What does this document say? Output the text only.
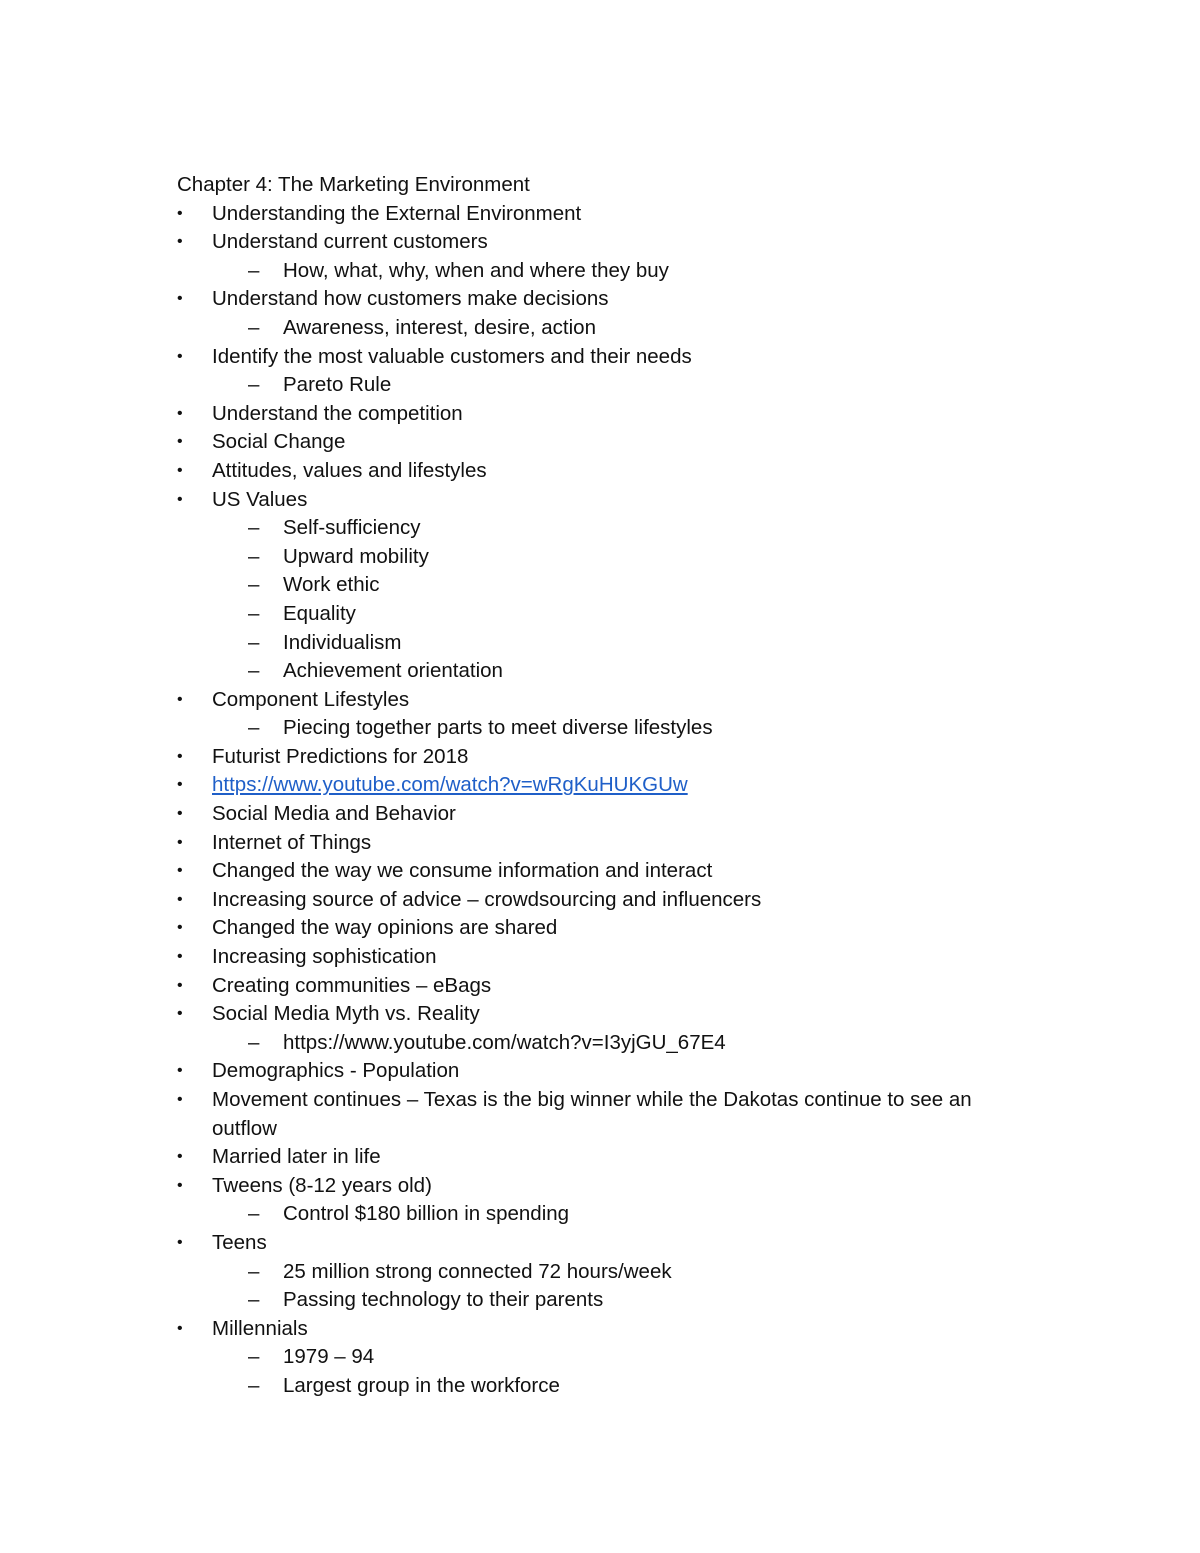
Chapter 4: The Marketing Environment
• Understanding the External Environment
• Understand current customers
– How, what, why, when and where they buy
• Understand how customers make decisions
– Awareness, interest, desire, action
• Identify the most valuable customers and their needs
– Pareto Rule
• Understand the competition
• Social Change
• Attitudes, values and lifestyles
• US Values
– Self-sufficiency
– Upward mobility
– Work ethic
– Equality
– Individualism
– Achievement orientation
• Component Lifestyles
– Piecing together parts to meet diverse lifestyles
• Futurist Predictions for 2018
• https://www.youtube.com/watch?v=wRgKuHUKGUw
• Social Media and Behavior
• Internet of Things
• Changed the way we consume information and interact
• Increasing source of advice – crowdsourcing and influencers
• Changed the way opinions are shared
• Increasing sophistication
• Creating communities – eBags
• Social Media Myth vs. Reality
– https://www.youtube.com/watch?v=I3yjGU_67E4
• Demographics - Population
• Movement continues – Texas is the big winner while the Dakotas continue to see an outflow
• Married later in life
• Tweens (8-12 years old)
– Control $180 billion in spending
• Teens
– 25 million strong connected 72 hours/week
– Passing technology to their parents
• Millennials
– 1979 – 94
– Largest group in the workforce
